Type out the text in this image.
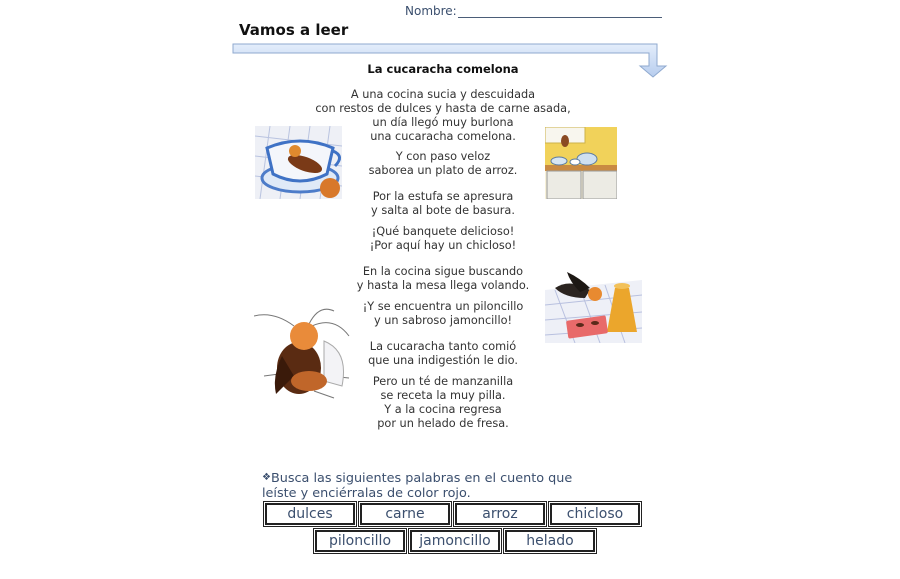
Nombre:
Vamos a leer
La cucaracha comelona
A una cocina sucia y descuidada
con restos de dulces y hasta de carne asada,
un día llegó muy burlona
una cucaracha comelona.
Y con paso veloz
saborea un plato de arroz.
Por la estufa se apresura
y salta al bote de basura.
¡Qué banquete delicioso!
¡Por aquí hay un chicloso!
En la cocina sigue buscando
y hasta la mesa llega volando.
¡Y se encuentra un piloncillo
y un sabroso jamoncillo!
La cucaracha tanto comió
que una indigestión le dio.
Pero un té de manzanilla
se receta la muy pilla.
Y a la cocina regresa
por un helado de fresa.
❖Busca las siguientes palabras en el cuento que
leíste y enciérralas de color rojo.
dulces	carne	arroz	chicloso
piloncillo	jamoncillo	helado
